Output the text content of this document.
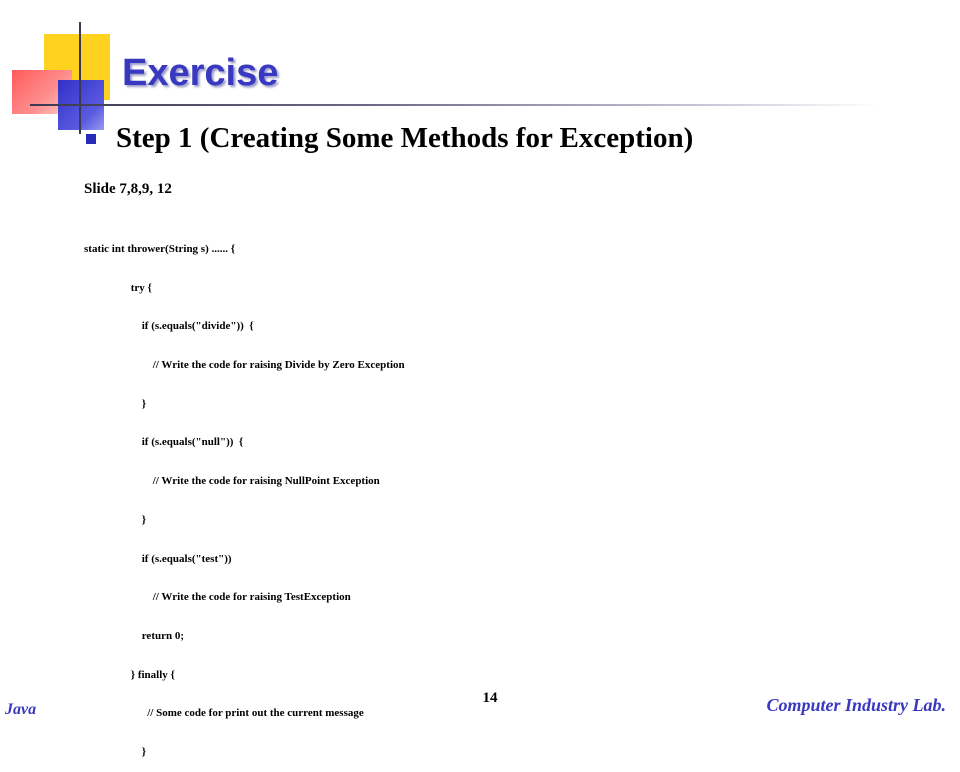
Exercise
Step 1 (Creating Some Methods for Exception)
Slide 7,8,9, 12

static int thrower(String s) ...... {

try {

if (s.equals("divide"))  {

// Write the code for raising Divide by Zero Exception

}

if (s.equals("null"))  {

// Write the code for raising NullPoint Exception

}

if (s.equals("test"))

// Write the code for raising TestException

return 0;

} finally {

// Some code for print out the current message

}

14
Java	Computer Industry Lab.
